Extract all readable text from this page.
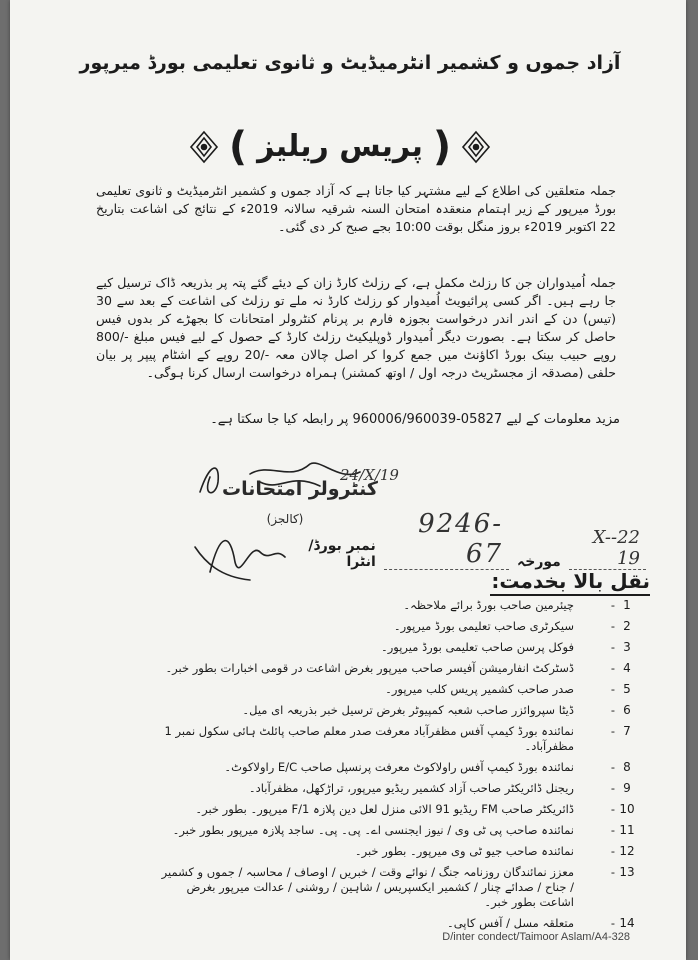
آزاد جموں و کشمیر انٹرمیڈیٹ و ثانوی تعلیمی بورڈ میرپور
( پریس ریلیز )

جملہ متعلقین کی اطلاع کے لیے مشتہر کیا جاتا ہے کہ آزاد جموں و کشمیر انٹرمیڈیٹ و ثانوی تعلیمی بورڈ میرپور کے زیر اہتمام منعقدہ امتحان السنہ شرقیہ سالانہ 2019ء کے نتائج کی اشاعت بتاریخ 22 اکتوبر 2019ء بروز منگل بوقت 10:00 بجے صبح کر دی گئی۔

جملہ اُمیدواران جن کا رزلٹ مکمل ہے، کے رزلٹ کارڈ زان کے دیئے گئے پتہ پر بذریعہ ڈاک ترسیل کیے جا رہے ہیں۔ اگر کسی پرائیویٹ اُمیدوار کو رزلٹ کارڈ نہ ملے تو رزلٹ کی اشاعت کے بعد سے 30 (تیس) دن کے اندر اندر درخواست بجوزہ فارم بر پرنام کنٹرولر امتحانات کا بجھڑے کر بدوں فیس حاصل کر سکتا ہے۔ بصورت دیگر اُمیدوار ڈوپلیکیٹ رزلٹ کارڈ کے حصول کے لیے فیس مبلغ -/800 روپے حبیب بینک بورڈ اکاؤنٹ میں جمع کروا کر اصل چالان معہ -/20 روپے کے اشٹام پیپر پر بیان حلفی (مصدقہ از مجسٹریٹ درجہ اول / اوتھ کمشنر) ہمراہ درخواست ارسال کرنا ہوگی۔

مزید معلومات کے لیے 05827-960006/960039 پر رابطہ کیا جا سکتا ہے۔
24/X/19
کنٹرولر امتحانات
(کالجز)
نمبر بورڈ/انٹرا
9246-67	مورخہ
22-X-19
نقل بالا بخدمت:
1
-
چیئرمین صاحب بورڈ برائے ملاحظہ۔
2
-
سیکرٹری صاحب تعلیمی بورڈ میرپور۔
3
-
فوکل پرسن صاحب تعلیمی بورڈ میرپور۔
4
-
ڈسٹرکٹ انفارمیشن آفیسر صاحب میرپور بغرض اشاعت در قومی اخبارات بطور خبر۔
5
-
صدر صاحب کشمیر پریس کلب میرپور۔
6
-
ڈیٹا سپروائزر صاحب شعبہ کمپیوٹر بغرض ترسیل خبر بذریعہ ای میل۔
7
-
نمائندہ بورڈ کیمپ آفس مظفرآباد معرفت صدر معلم صاحب پائلٹ ہائی سکول نمبر 1 مظفرآباد۔
8
-
نمائندہ بورڈ کیمپ آفس راولاکوٹ معرفت پرنسپل صاحب E/C راولاکوٹ۔
9
-
ریجنل ڈائریکٹر صاحب آزاد کشمیر ریڈیو میرپور، تراڑکھل، مظفرآباد۔
10
-
ڈائریکٹر صاحب FM ریڈیو 91 الائی منزل لعل دین پلازہ F/1 میرپور۔ بطور خبر۔
11
-
نمائندہ صاحب پی ٹی وی / نیوز ایجنسی اے۔ پی۔ پی۔ ساجد پلازہ میرپور بطور خبر۔
12
-
نمائندہ صاحب جیو ٹی وی میرپور۔ بطور خبر۔
13
-
معزز نمائندگان روزنامہ جنگ / نوائے وقت / خبریں / اوصاف / محاسبہ / جموں و کشمیر / جناح / صدائے چنار / کشمیر ایکسپریس / شاہین / روشنی / عدالت میرپور بغرض اشاعت بطور خبر۔
14
-
متعلقہ مسل / آفس کاپی۔
D/inter condect/Taimoor Aslam/A4-328
